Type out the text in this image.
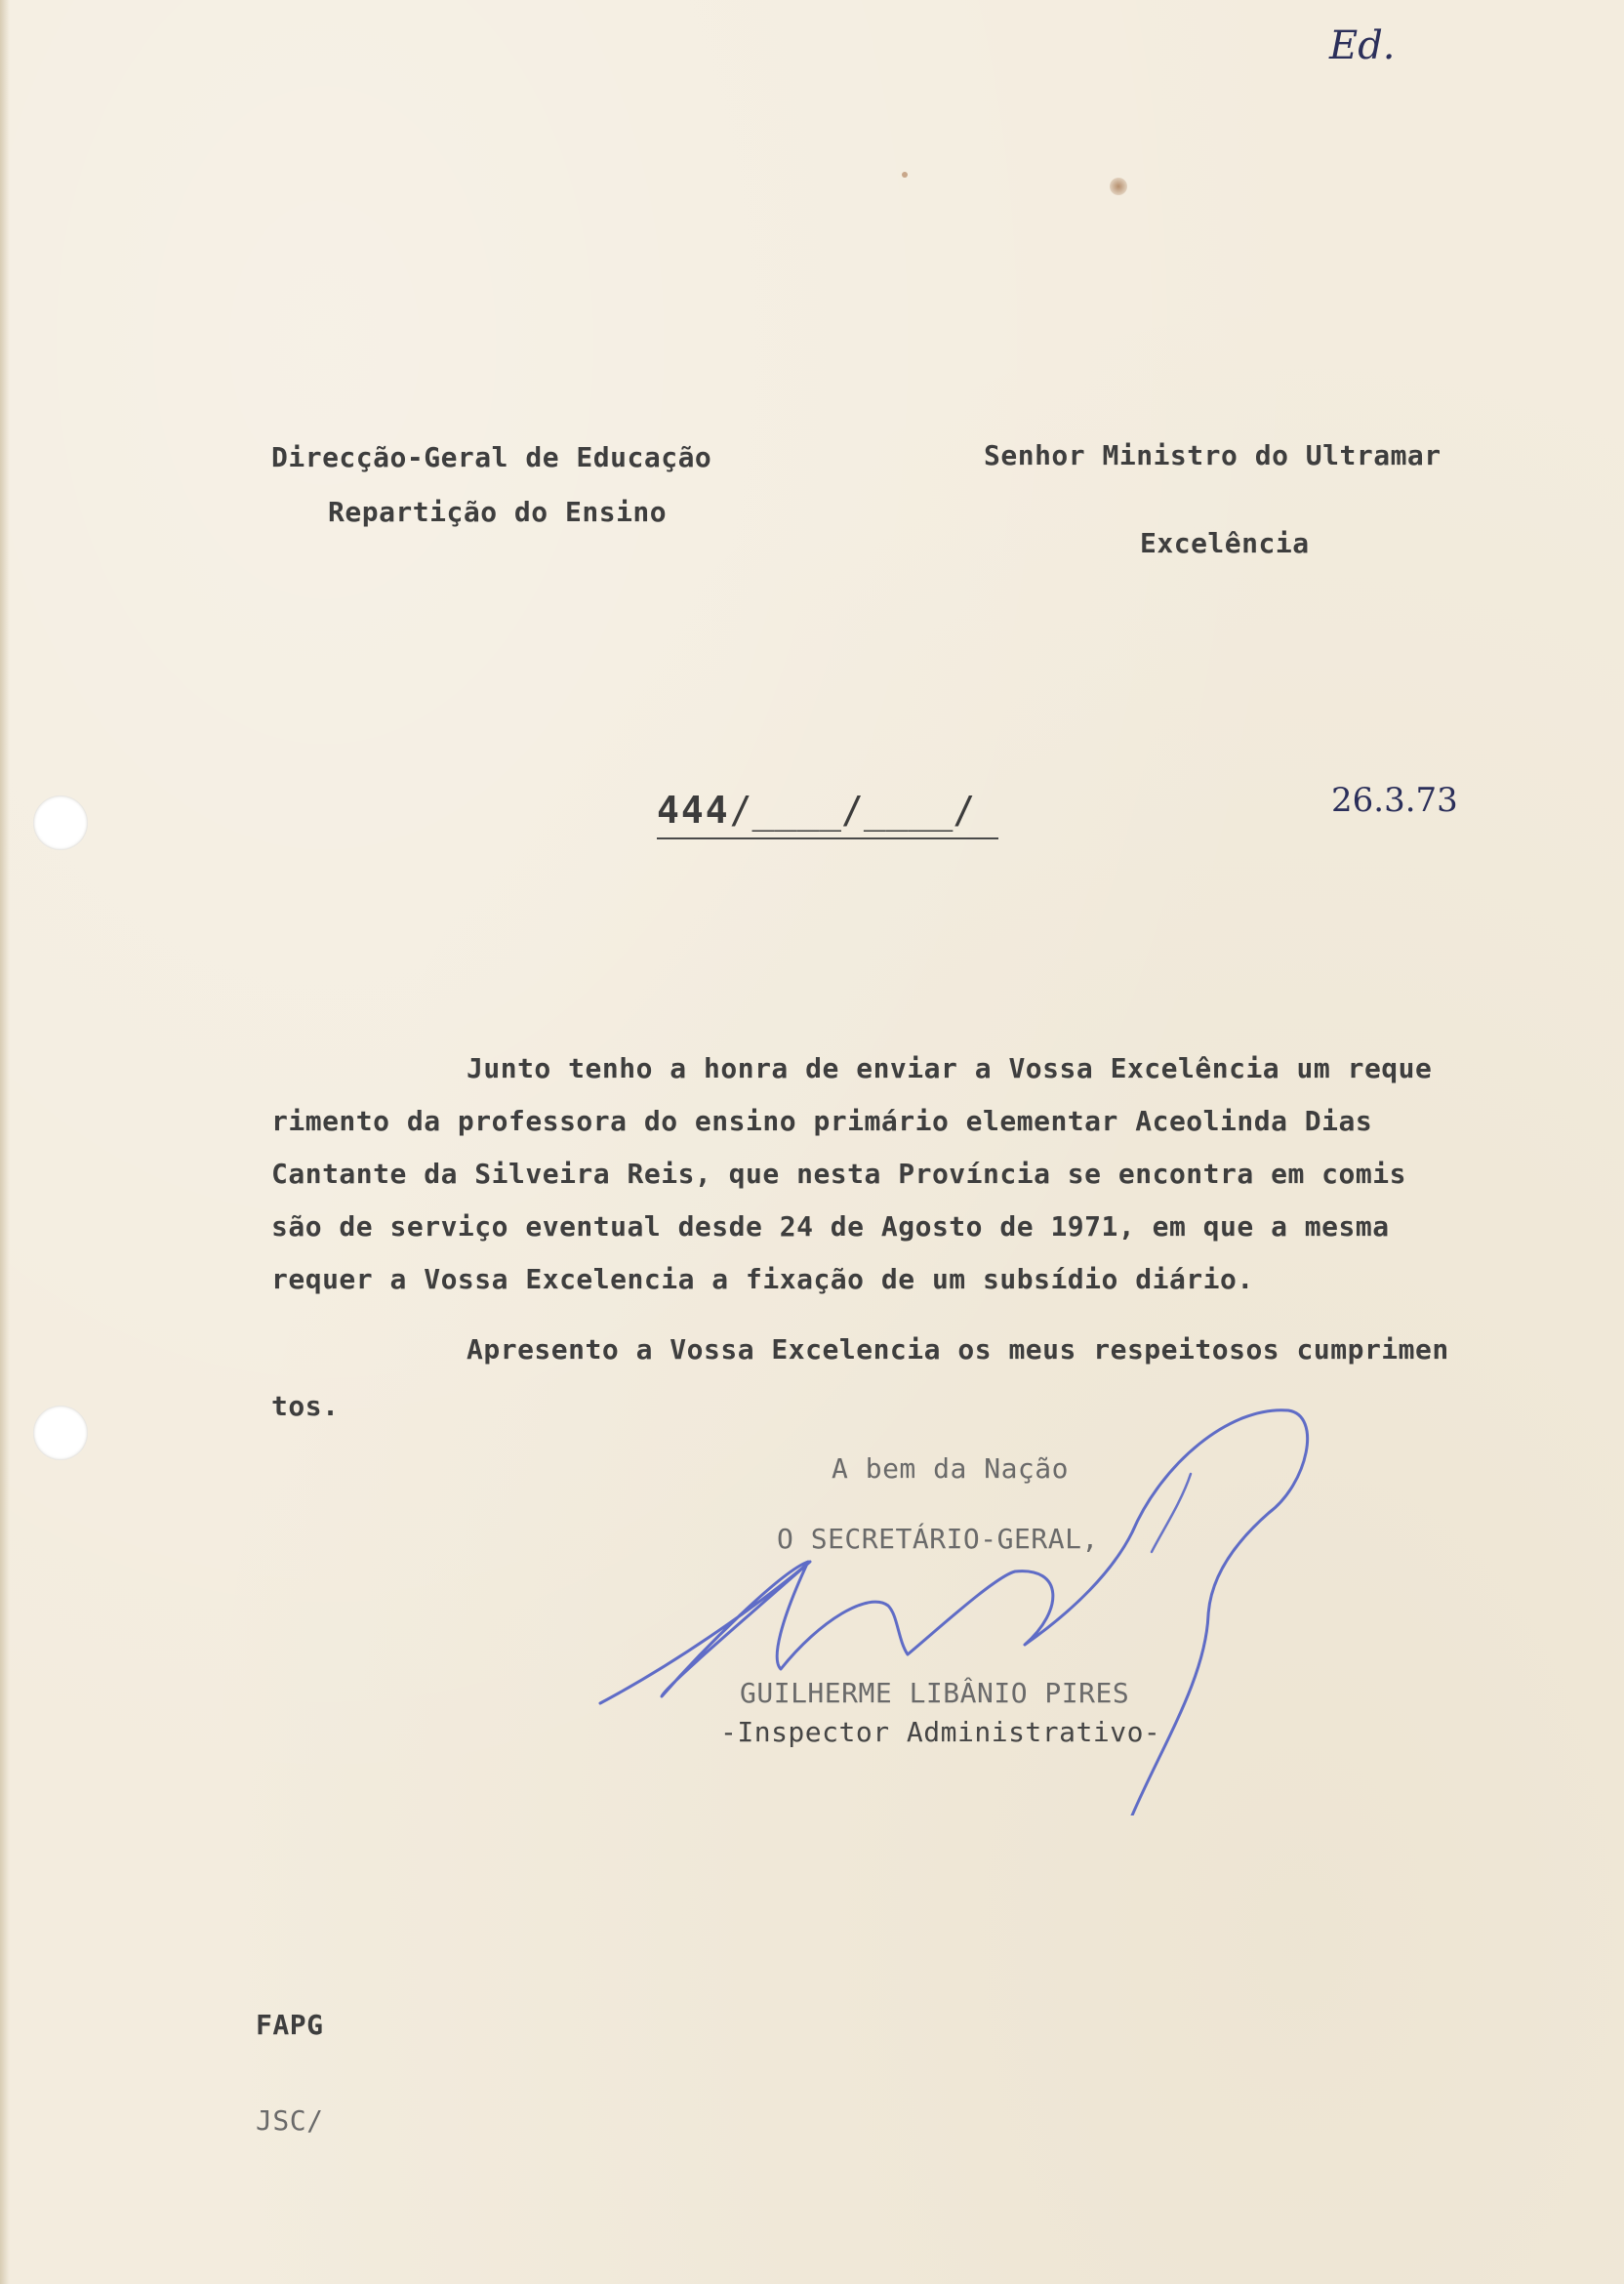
Ed.
Direcção-Geral de Educação
Repartição do Ensino
Senhor Ministro do Ultramar
Excelência
444/____/____/	26.3.73
Junto tenho a honra de enviar a Vossa Excelência um reque
rimento da professora do ensino primário elementar Aceolinda Dias
Cantante da Silveira Reis, que nesta Província se encontra em comis
são de serviço eventual desde 24 de Agosto de 1971, em que a mesma
requer a Vossa Excelencia a fixação de um subsídio diário.
Apresento a Vossa Excelencia os meus respeitosos cumprimen
tos.
A bem da Nação
O SECRETÁRIO-GERAL,
GUILHERME LIBÂNIO PIRES
-Inspector Administrativo-
FAPG
JSC/
